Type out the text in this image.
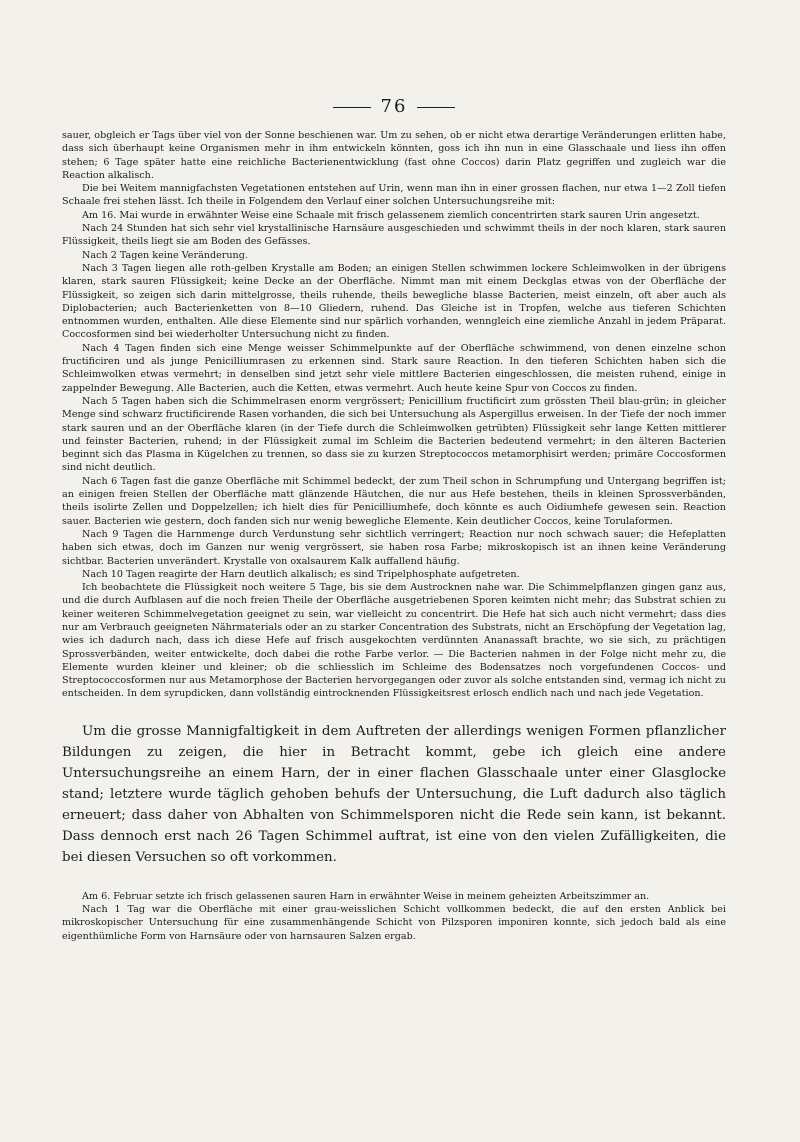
76

sauer, obgleich er Tags über viel von der Sonne beschienen war. Um zu sehen, ob er nicht etwa derartige Veränderungen erlitten habe, dass sich überhaupt keine Organismen mehr in ihm entwickeln könnten, goss ich ihn nun in eine Glasschaale und liess ihn offen stehen; 6 Tage später hatte eine reichliche Bacterienentwicklung (fast ohne Coccos) darin Platz gegriffen und zugleich war die Reaction alkalisch.

Die bei Weitem mannigfachsten Vegetationen entstehen auf Urin, wenn man ihn in einer grossen flachen, nur etwa 1—2 Zoll tiefen Schaale frei stehen lässt. Ich theile in Folgendem den Verlauf einer solchen Untersuchungsreihe mit:

Am 16. Mai wurde in erwähnter Weise eine Schaale mit frisch gelassenem ziemlich concentrirten stark sauren Urin angesetzt.

Nach 24 Stunden hat sich sehr viel krystallinische Harnsäure ausgeschieden und schwimmt theils in der noch klaren, stark sauren Flüssigkeit, theils liegt sie am Boden des Gefässes.

Nach 2 Tagen keine Veränderung.

Nach 3 Tagen liegen alle roth-gelben Krystalle am Boden; an einigen Stellen schwimmen lockere Schleimwolken in der übrigens klaren, stark sauren Flüssigkeit; keine Decke an der Oberfläche. Nimmt man mit einem Deckglas etwas von der Oberfläche der Flüssigkeit, so zeigen sich darin mittelgrosse, theils ruhende, theils bewegliche blasse Bacterien, meist einzeln, oft aber auch als Diplobacterien; auch Bacterienketten von 8—10 Gliedern, ruhend. Das Gleiche ist in Tropfen, welche aus tieferen Schichten entnommen wurden, enthalten. Alle diese Elemente sind nur spärlich vorhanden, wenngleich eine ziemliche Anzahl in jedem Präparat. Coccosformen sind bei wiederholter Untersuchung nicht zu finden.

Nach 4 Tagen finden sich eine Menge weisser Schimmelpunkte auf der Oberfläche schwimmend, von denen einzelne schon fructificiren und als junge Penicilliumrasen zu erkennen sind. Stark saure Reaction. In den tieferen Schichten haben sich die Schleimwolken etwas vermehrt; in denselben sind jetzt sehr viele mittlere Bacterien eingeschlossen, die meisten ruhend, einige in zappelnder Bewegung. Alle Bacterien, auch die Ketten, etwas vermehrt. Auch heute keine Spur von Coccos zu finden.

Nach 5 Tagen haben sich die Schimmelrasen enorm vergrössert; Penicillium fructificirt zum grössten Theil blau-grün; in gleicher Menge sind schwarz fructificirende Rasen vorhanden, die sich bei Untersuchung als Aspergillus erweisen. In der Tiefe der noch immer stark sauren und an der Oberfläche klaren (in der Tiefe durch die Schleimwolken getrübten) Flüssigkeit sehr lange Ketten mittlerer und feinster Bacterien, ruhend; in der Flüssigkeit zumal im Schleim die Bacterien bedeutend vermehrt; in den älteren Bacterien beginnt sich das Plasma in Kügelchen zu trennen, so dass sie zu kurzen Streptococcos metamorphisirt werden; primäre Coccosformen sind nicht deutlich.

Nach 6 Tagen fast die ganze Oberfläche mit Schimmel bedeckt, der zum Theil schon in Schrumpfung und Untergang begriffen ist; an einigen freien Stellen der Oberfläche matt glänzende Häutchen, die nur aus Hefe bestehen, theils in kleinen Sprossverbänden, theils isolirte Zellen und Doppelzellen; ich hielt dies für Penicilliumhefe, doch könnte es auch Oidiumhefe gewesen sein. Reaction sauer. Bacterien wie gestern, doch fanden sich nur wenig bewegliche Elemente. Kein deutlicher Coccos, keine Torulaformen.

Nach 9 Tagen die Harnmenge durch Verdunstung sehr sichtlich verringert; Reaction nur noch schwach sauer; die Hefeplatten haben sich etwas, doch im Ganzen nur wenig vergrössert, sie haben rosa Farbe; mikroskopisch ist an ihnen keine Veränderung sichtbar. Bacterien unverändert. Krystalle von oxalsaurem Kalk auffallend häufig.

Nach 10 Tagen reagirte der Harn deutlich alkalisch; es sind Tripelphosphate aufgetreten.

Ich beobachtete die Flüssigkeit noch weitere 5 Tage, bis sie dem Austrocknen nahe war. Die Schimmelpflanzen gingen ganz aus, und die durch Aufblasen auf die noch freien Theile der Oberfläche ausgetriebenen Sporen keimten nicht mehr; das Substrat schien zu keiner weiteren Schimmelvegetation geeignet zu sein, war vielleicht zu concentrirt. Die Hefe hat sich auch nicht vermehrt; dass dies nur am Verbrauch geeigneten Nährmaterials oder an zu starker Concentration des Substrats, nicht an Erschöpfung der Vegetation lag, wies ich dadurch nach, dass ich diese Hefe auf frisch ausgekochten verdünnten Ananassaft brachte, wo sie sich, zu prächtigen Sprossverbänden, weiter entwickelte, doch dabei die rothe Farbe verlor. — Die Bacterien nahmen in der Folge nicht mehr zu, die Elemente wurden kleiner und kleiner; ob die schliesslich im Schleime des Bodensatzes noch vorgefundenen Coccos- und Streptococcosformen nur aus Metamorphose der Bacterien hervorgegangen oder zuvor als solche entstanden sind, vermag ich nicht zu entscheiden. In dem syrupdicken, dann vollständig eintrocknenden Flüssigkeitsrest erlosch endlich nach und nach jede Vegetation.

Um die grosse Mannigfaltigkeit in dem Auftreten der allerdings wenigen Formen pflanzlicher Bildungen zu zeigen, die hier in Betracht kommt, gebe ich gleich eine andere Untersuchungsreihe an einem Harn, der in einer flachen Glasschaale unter einer Glasglocke stand; letztere wurde täglich gehoben behufs der Untersuchung, die Luft dadurch also täglich erneuert; dass daher von Abhalten von Schimmelsporen nicht die Rede sein kann, ist bekannt. Dass dennoch erst nach 26 Tagen Schimmel auftrat, ist eine von den vielen Zufälligkeiten, die bei diesen Versuchen so oft vorkommen.

Am 6. Februar setzte ich frisch gelassenen sauren Harn in erwähnter Weise in meinem geheizten Arbeitszimmer an.

Nach 1 Tag war die Oberfläche mit einer grau-weisslichen Schicht vollkommen bedeckt, die auf den ersten Anblick bei mikroskopischer Untersuchung für eine zusammenhängende Schicht von Pilzsporen imponiren konnte, sich jedoch bald als eine eigenthümliche Form von Harnsäure oder von harnsauren Salzen ergab.
